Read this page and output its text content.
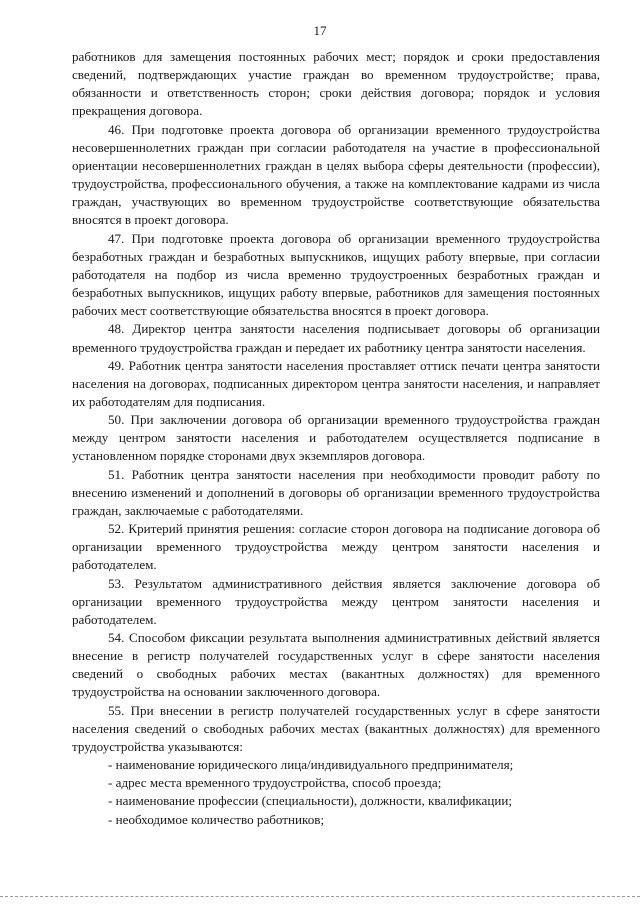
17

работников для замещения постоянных рабочих мест; порядок и сроки предоставления сведений, подтверждающих участие граждан во временном трудоустройстве; права, обязанности и ответственность сторон; сроки действия договора; порядок и условия прекращения договора.

46. При подготовке проекта договора об организации временного трудоустройства несовершеннолетних граждан при согласии работодателя на участие в профессиональной ориентации несовершеннолетних граждан в целях выбора сферы деятельности (профессии), трудоустройства, профессионального обучения, а также на комплектование кадрами из числа граждан, участвующих во временном трудоустройстве соответствующие обязательства вносятся в проект договора.

47. При подготовке проекта договора об организации временного трудоустройства безработных граждан и безработных выпускников, ищущих работу впервые, при согласии работодателя на подбор из числа временно трудоустроенных безработных граждан и безработных выпускников, ищущих работу впервые, работников для замещения постоянных рабочих мест соответствующие обязательства вносятся в проект договора.

48. Директор центра занятости населения подписывает договоры об организации временного трудоустройства граждан и передает их работнику центра занятости населения.

49. Работник центра занятости населения проставляет оттиск печати центра занятости населения на договорах, подписанных директором центра занятости населения, и направляет их работодателям для подписания.

50. При заключении договора об организации временного трудоустройства граждан между центром занятости населения и работодателем осуществляется подписание в установленном порядке сторонами двух экземпляров договора.

51. Работник центра занятости населения при необходимости проводит работу по внесению изменений и дополнений в договоры об организации временного трудоустройства граждан, заключаемые с работодателями.

52. Критерий принятия решения: согласие сторон договора на подписание договора об организации временного трудоустройства между центром занятости населения и работодателем.

53. Результатом административного действия является заключение договора об организации временного трудоустройства между центром занятости населения и работодателем.

54. Способом фиксации результата выполнения административных действий является внесение в регистр получателей государственных услуг в сфере занятости населения сведений о свободных рабочих местах (вакантных должностях) для временного трудоустройства на основании заключенного договора.

55. При внесении в регистр получателей государственных услуг в сфере занятости населения сведений о свободных рабочих местах (вакантных должностях) для временного трудоустройства указываются:

- наименование юридического лица/индивидуального предпринимателя;

- адрес места временного трудоустройства, способ проезда;

- наименование профессии (специальности), должности, квалификации;

- необходимое количество работников;
